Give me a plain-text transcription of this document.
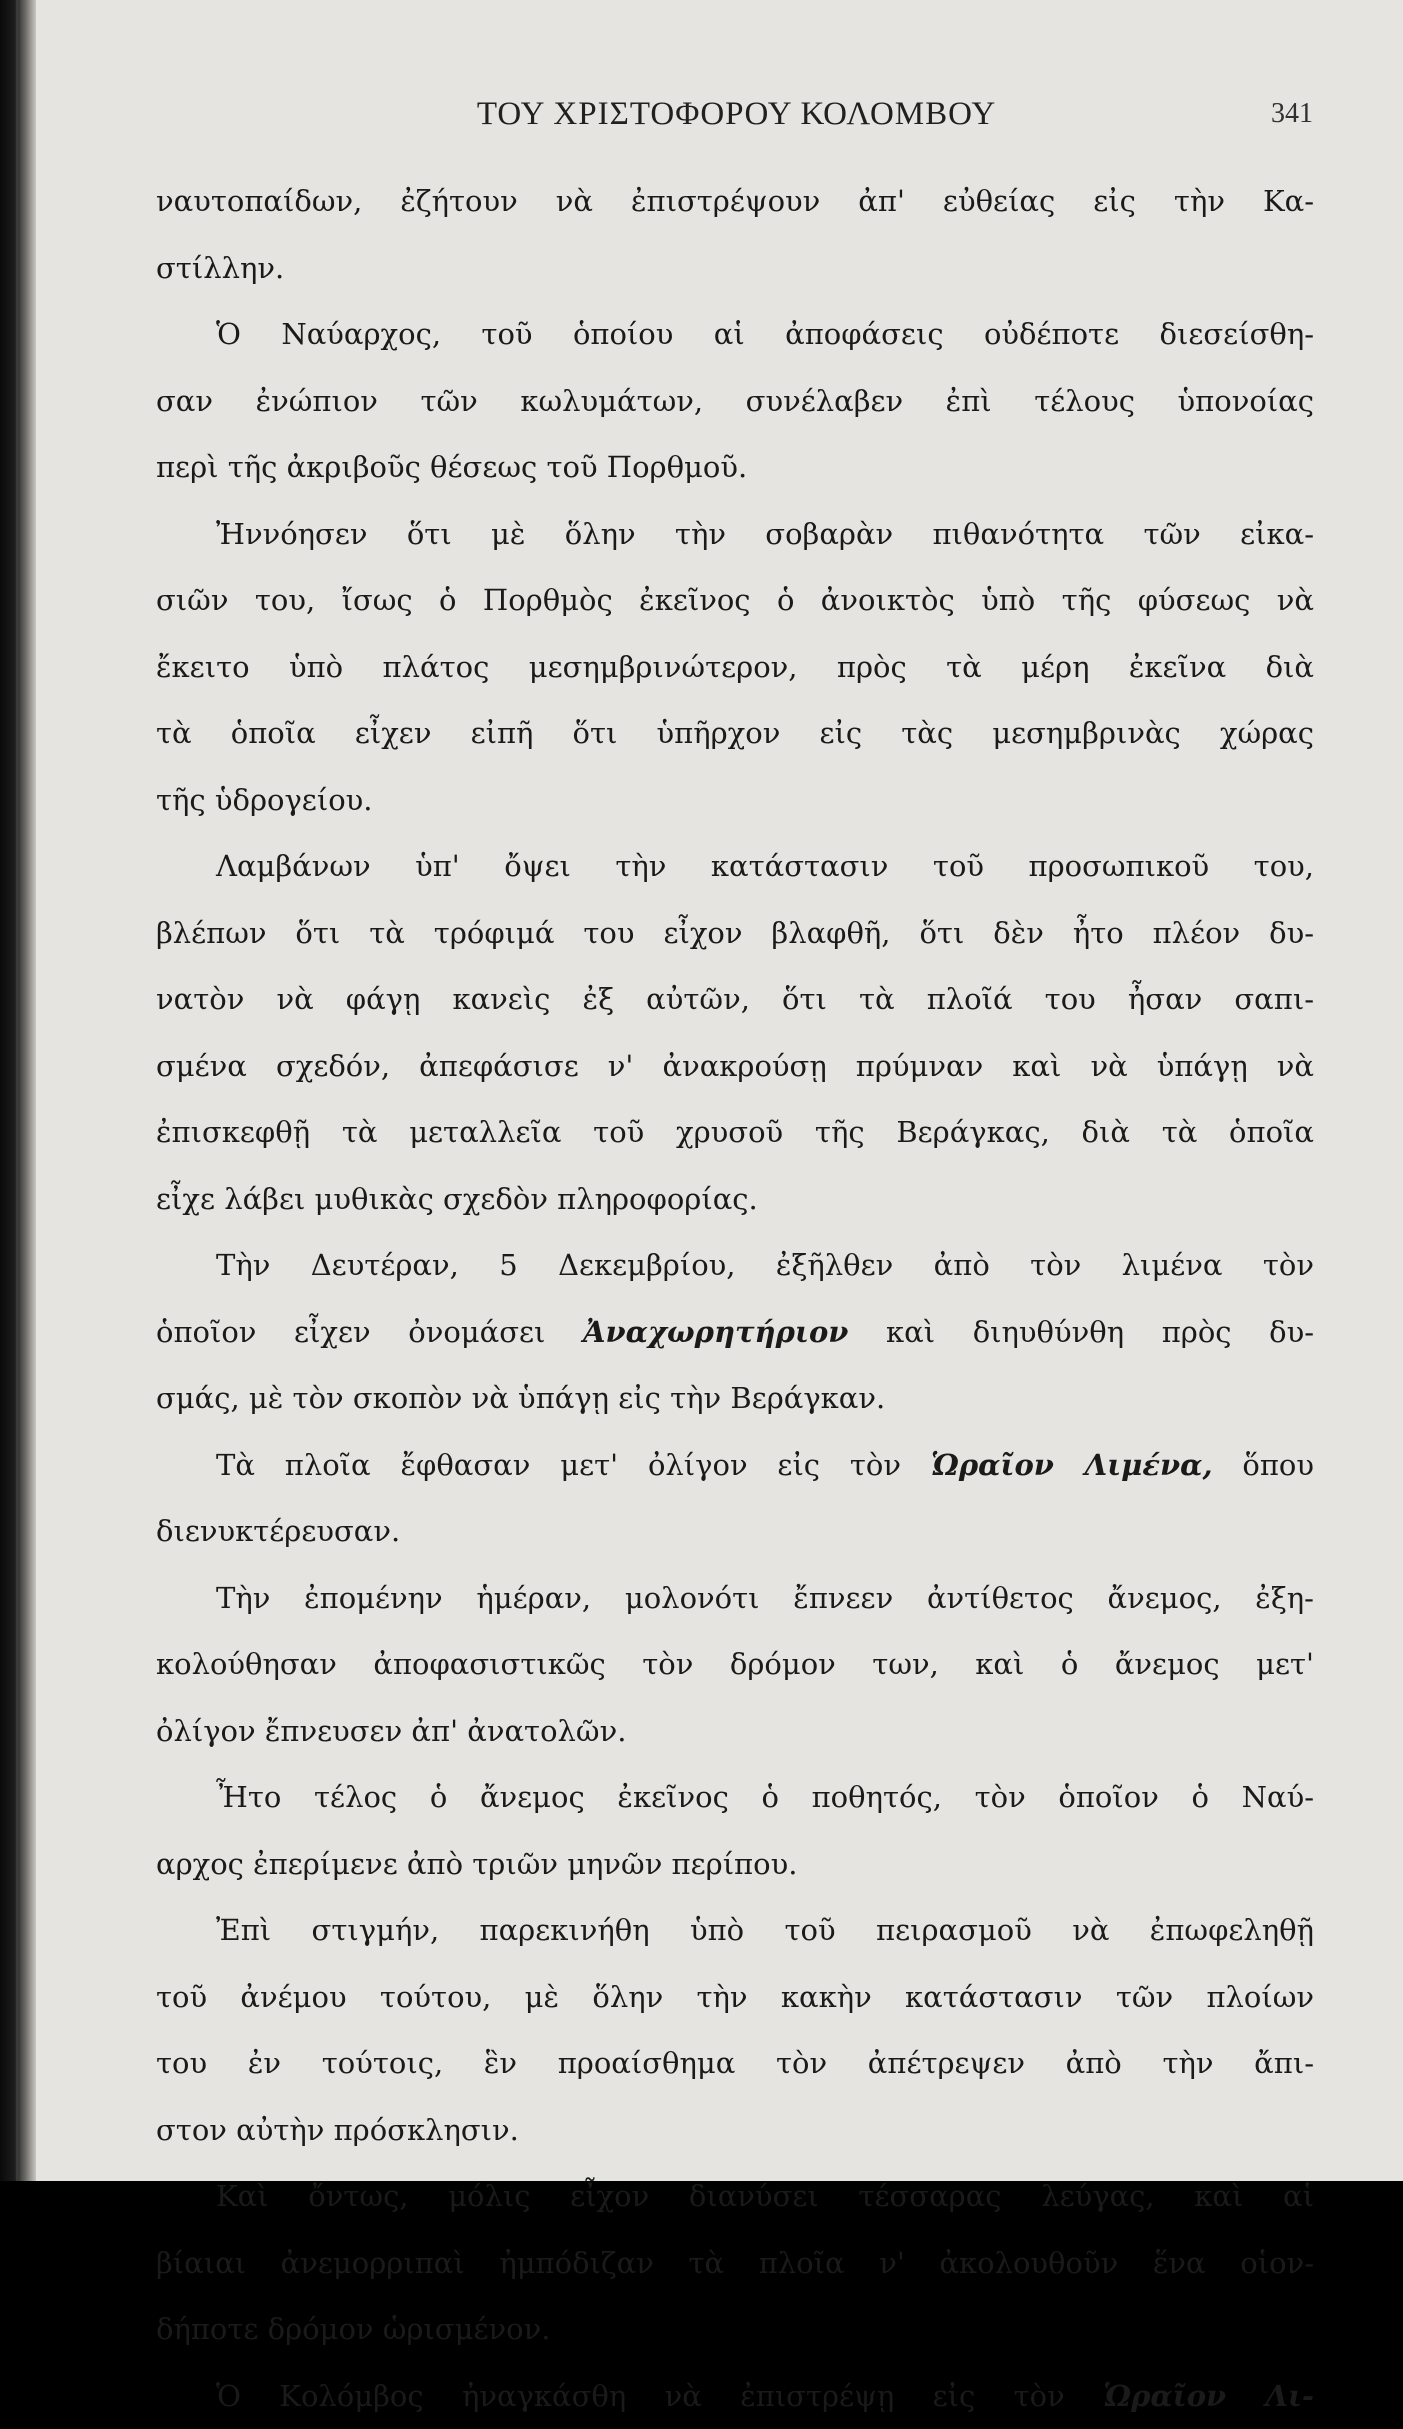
ΤΟΥ ΧΡΙΣΤΟΦΟΡΟΥ ΚΟΛΟΜΒΟΥ	341
ναυτοπαίδων, ἐζήτουν νὰ ἐπιστρέψουν ἀπ' εὐθείας εἰς τὴν Κα-
στίλλην.
Ὁ Ναύαρχος, τοῦ ὁποίου αἱ ἀποφάσεις οὐδέποτε διεσείσθη-
σαν ἐνώπιον τῶν κωλυμάτων, συνέλαβεν ἐπὶ τέλους ὑπονοίας
περὶ τῆς ἀκριβοῦς θέσεως τοῦ Πορθμοῦ.
Ἠννόησεν ὅτι μὲ ὅλην τὴν σοβαρὰν πιθανότητα τῶν εἰκα-
σιῶν του, ἴσως ὁ Πορθμὸς ἐκεῖνος ὁ ἀνοικτὸς ὑπὸ τῆς φύσεως νὰ
ἔκειτο ὑπὸ πλάτος μεσημβρινώτερον, πρὸς τὰ μέρη ἐκεῖνα διὰ
τὰ ὁποῖα εἶχεν εἰπῆ ὅτι ὑπῆρχον εἰς τὰς μεσημβρινὰς χώρας
τῆς ὑδρογείου.
Λαμβάνων ὑπ' ὄψει τὴν κατάστασιν τοῦ προσωπικοῦ του,
βλέπων ὅτι τὰ τρόφιμά του εἶχον βλαφθῆ, ὅτι δὲν ἦτο πλέον δυ-
νατὸν νὰ φάγῃ κανεὶς ἐξ αὐτῶν, ὅτι τὰ πλοῖά του ἦσαν σαπι-
σμένα σχεδόν, ἀπεφάσισε ν' ἀνακρούσῃ πρύμναν καὶ νὰ ὑπάγῃ νὰ
ἐπισκεφθῇ τὰ μεταλλεῖα τοῦ χρυσοῦ τῆς Βεράγκας, διὰ τὰ ὁποῖα
εἶχε λάβει μυθικὰς σχεδὸν πληροφορίας.
Τὴν Δευτέραν, 5 Δεκεμβρίου, ἐξῆλθεν ἀπὸ τὸν λιμένα τὸν
ὁποῖον εἶχεν ὀνομάσει Ἀναχωρητήριον καὶ διηυθύνθη πρὸς δυ-
σμάς, μὲ τὸν σκοπὸν νὰ ὑπάγῃ εἰς τὴν Βεράγκαν.
Τὰ πλοῖα ἔφθασαν μετ' ὀλίγον εἰς τὸν Ὡραῖον Λιμένα, ὅπου
διενυκτέρευσαν.
Τὴν ἐπομένην ἡμέραν, μολονότι ἔπνεεν ἀντίθετος ἄνεμος, ἐξη-
κολούθησαν ἀποφασιστικῶς τὸν δρόμον των, καὶ ὁ ἄνεμος μετ'
ὀλίγον ἔπνευσεν ἀπ' ἀνατολῶν.
Ἦτο τέλος ὁ ἄνεμος ἐκεῖνος ὁ ποθητός, τὸν ὁποῖον ὁ Ναύ-
αρχος ἐπερίμενε ἀπὸ τριῶν μηνῶν περίπου.
Ἐπὶ στιγμήν, παρεκινήθη ὑπὸ τοῦ πειρασμοῦ νὰ ἐπωφεληθῇ
τοῦ ἀνέμου τούτου, μὲ ὅλην τὴν κακὴν κατάστασιν τῶν πλοίων
του ἐν τούτοις, ἓν προαίσθημα τὸν ἀπέτρεψεν ἀπὸ τὴν ἄπι-
στον αὐτὴν πρόσκλησιν.
Καὶ ὄντως, μόλις εἶχον διανύσει τέσσαρας λεύγας, καὶ αἱ
βίαιαι ἀνεμορριπαὶ ἠμπόδιζαν τὰ πλοῖα ν' ἀκολουθοῦν ἕνα οἱον-
δήποτε δρόμον ὡρισμένον.
Ὁ Κολόμβος ἠναγκάσθη νὰ ἐπιστρέψῃ εἰς τὸν Ὡραῖον Λι-
